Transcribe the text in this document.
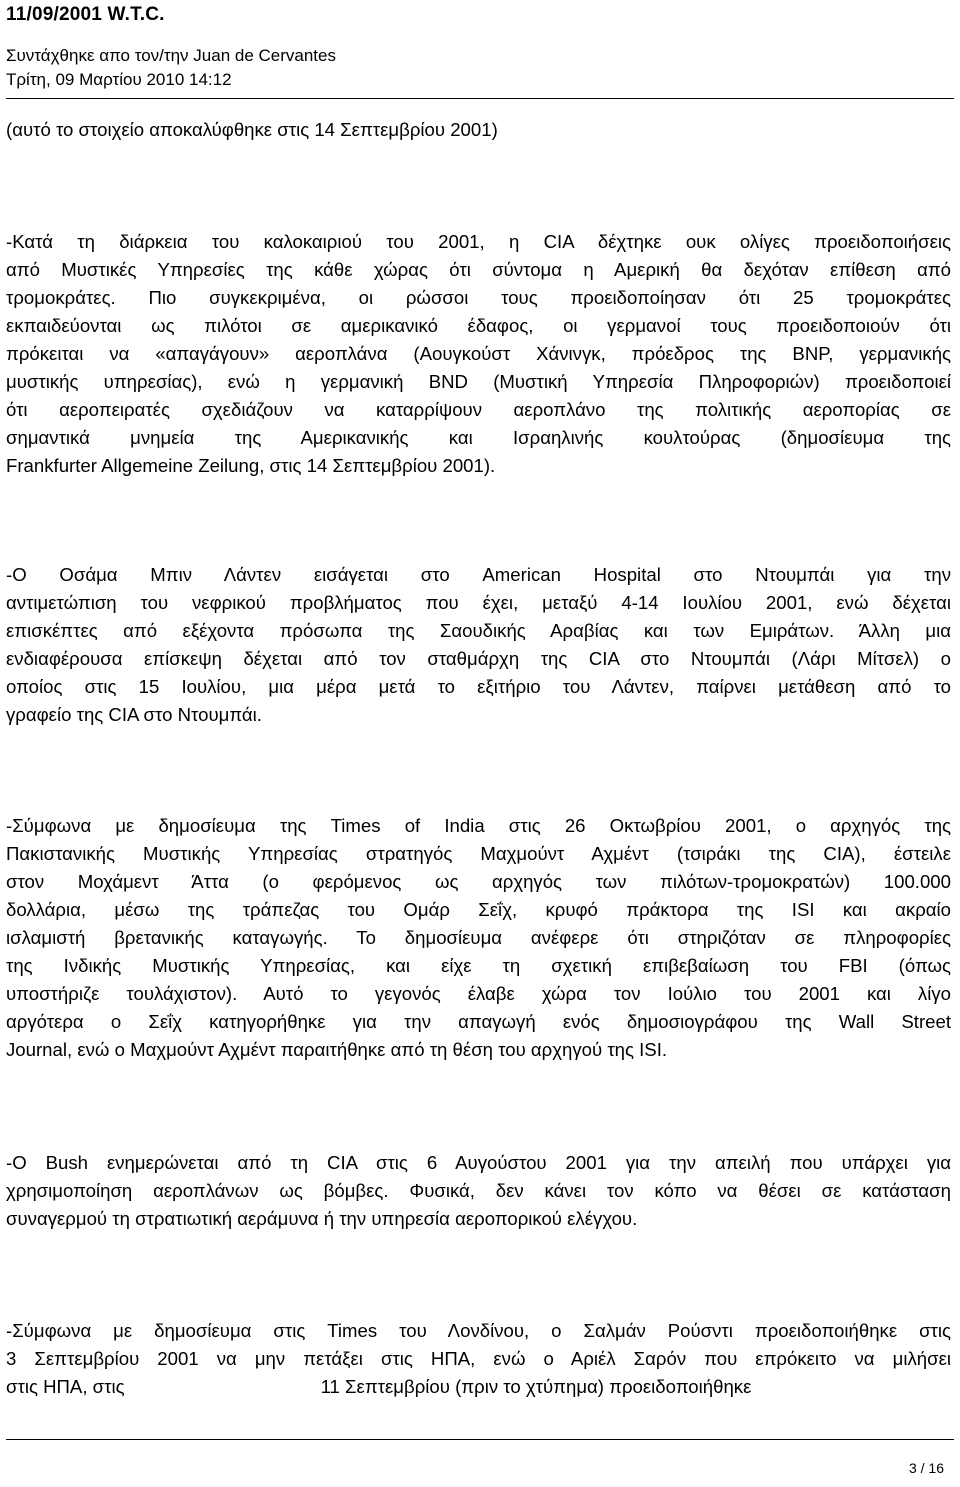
11/09/2001 W.T.C.

Συντάχθηκε απο τον/την Juan de Cervantes

Τρίτη, 09 Μαρτίου 2010 14:12

(αυτό το στοιχείο αποκαλύφθηκε στις 14 Σεπτεμβρίου 2001)

-Κατά τη διάρκεια του καλοκαιριού του 2001, η CIA δέχτηκε ουκ ολίγες προειδοποιήσεις
από Μυστικές Υπηρεσίες της κάθε χώρας ότι σύντομα η Αμερική θα δεχόταν επίθεση από
τρομοκράτες. Πιο συγκεκριμένα, οι ρώσσοι τους προειδοποίησαν ότι 25 τρομοκράτες
εκπαιδεύονται ως πιλότοι σε αμερικανικό έδαφος, οι γερμανοί τους προειδοποιούν ότι
πρόκειται να «απαγάγουν» αεροπλάνα (Αουγκούστ Χάνινγκ, πρόεδρος της BNP, γερμανικής
μυστικής υπηρεσίας), ενώ η γερμανική BND (Μυστική Υπηρεσία Πληροφοριών) προειδοποιεί
ότι αεροπειρατές σχεδιάζουν να καταρρίψουν αεροπλάνο της πολιτικής αεροπορίας σε
σημαντικά μνημεία της Αμερικανικής και Ισραηλινής κουλτούρας (δημοσίευμα της
Frankfurter Allgemeine Zeilung, στις 14 Σεπτεμβρίου 2001).

-Ο Οσάμα Μπιν Λάντεν εισάγεται στο American Hospital στο Ντουμπάι για την
αντιμετώπιση του νεφρικού προβλήματος που έχει, μεταξύ 4-14 Ιουλίου 2001, ενώ δέχεται
επισκέπτες από εξέχοντα πρόσωπα της Σαουδικής Αραβίας και των Εμιράτων. Άλλη μια
ενδιαφέρουσα επίσκεψη δέχεται από τον σταθμάρχη της CIA στο Ντουμπάι (Λάρι Μίτσελ) ο
οποίος στις 15 Ιουλίου, μια μέρα μετά το εξιτήριο του Λάντεν, παίρνει μετάθεση από το
γραφείο της CIA στο Ντουμπάι.

-Σύμφωνα με δημοσίευμα της Times of India στις 26 Οκτωβρίου 2001, ο αρχηγός της
Πακιστανικής Μυστικής Υπηρεσίας στρατηγός Μαχμούντ Αχμέντ (τσιράκι της CIA), έστειλε
στον Μοχάμεντ Άττα (ο φερόμενος ως αρχηγός των πιλότων-τρομοκρατών) 100.000
δολλάρια, μέσω της τράπεζας του Ομάρ Σεΐχ, κρυφό πράκτορα της ISI και ακραίο
ισλαμιστή βρετανικής καταγωγής. Το δημοσίευμα ανέφερε ότι στηριζόταν σε πληροφορίες
της Ινδικής Μυστικής Υπηρεσίας, και είχε τη σχετική επιβεβαίωση του FBI (όπως
υποστήριζε τουλάχιστον). Αυτό το γεγονός έλαβε χώρα τον Ιούλιο του 2001 και λίγο
αργότερα ο Σεΐχ κατηγορήθηκε για την απαγωγή ενός δημοσιογράφου της Wall Street
Journal, ενώ ο Μαχμούντ Αχμέντ παραιτήθηκε από τη θέση του αρχηγού της ISI.

-Ο Bush ενημερώνεται από τη CIA στις 6 Αυγούστου 2001 για την απειλή που υπάρχει για
χρησιμοποίηση αεροπλάνων ως βόμβες. Φυσικά, δεν κάνει τον κόπο να θέσει σε κατάσταση
συναγερμού τη στρατιωτική αεράμυνα ή την υπηρεσία αεροπορικού ελέγχου.

-Σύμφωνα με δημοσίευμα στις Times του Λονδίνου, ο Σαλμάν Ρούσντι προειδοποιήθηκε στις
3 Σεπτεμβρίου 2001 να μην πετάξει στις ΗΠΑ, ενώ ο Αριέλ Σαρόν που επρόκειτο να μιλήσει
στις ΗΠΑ, στις	11 Σεπτεμβρίου (πριν το χτύπημα) προειδοποιήθηκε

3 / 16
